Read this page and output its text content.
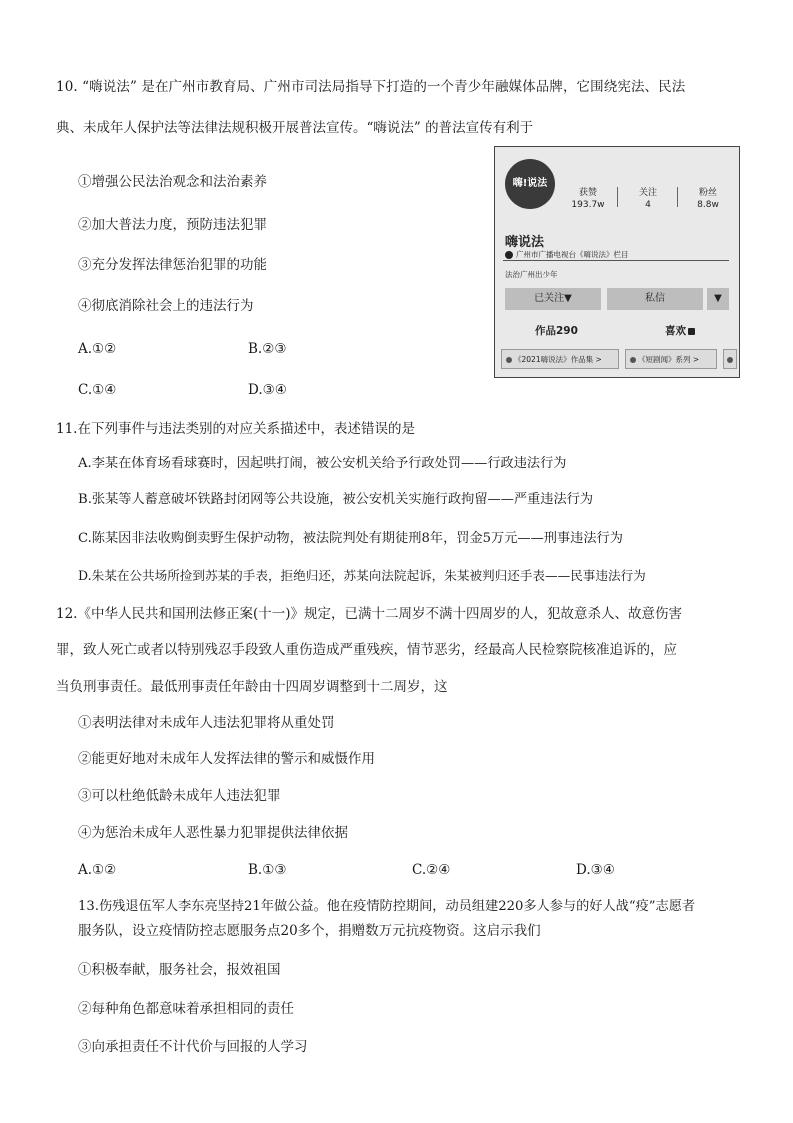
10. “嗨说法” 是在广州市教育局、广州市司法局指导下打造的一个青少年融媒体品牌，它围绕宪法、民法
典、未成年人保护法等法律法规积极开展普法宣传。“嗨说法” 的普法宣传有利于
①增强公民法治观念和法治素养
②加大普法力度，预防违法犯罪
③充分发挥法律惩治犯罪的功能
④彻底消除社会上的违法行为
A.①②	B.②③
C.①④	D.③④
嗨!说法
获赞
193.7w
关注
4
粉丝
8.8w
嗨说法
广州市广播电视台《嗨说法》栏目
法治广州出少年
已关注▼	私信	▼
作品290	喜欢
《2021嗨说法》作品集 >	《短剧闻》系列 >
11.在下列事件与违法类别的对应关系描述中，表述错误的是
A.李某在体育场看球赛时，因起哄打闹，被公安机关给予行政处罚——行政违法行为
B.张某等人蓄意破坏铁路封闭网等公共设施，被公安机关实施行政拘留——严重违法行为
C.陈某因非法收购倒卖野生保护动物，被法院判处有期徒刑8年，罚金5万元——刑事违法行为
D.朱某在公共场所捡到苏某的手表，拒绝归还，苏某向法院起诉，朱某被判归还手表——民事违法行为
12.《中华人民共和国刑法修正案(十一)》规定，已满十二周岁不满十四周岁的人，犯故意杀人、故意伤害
罪，致人死亡或者以特别残忍手段致人重伤造成严重残疾，情节恶劣，经最高人民检察院核准追诉的，应
当负刑事责任。最低刑事责任年龄由十四周岁调整到十二周岁，这
①表明法律对未成年人违法犯罪将从重处罚
②能更好地对未成年人发挥法律的警示和威慑作用
③可以杜绝低龄未成年人违法犯罪
④为惩治未成年人恶性暴力犯罪提供法律依据
A.①②	B.①③	C.②④	D.③④
13.伤残退伍军人李东亮坚持21年做公益。他在疫情防控期间，动员组建220多人参与的好人战“疫”志愿者
服务队，设立疫情防控志愿服务点20多个，捐赠数万元抗疫物资。这启示我们
①积极奉献，服务社会，报效祖国
②每种角色都意味着承担相同的责任
③向承担责任不计代价与回报的人学习
